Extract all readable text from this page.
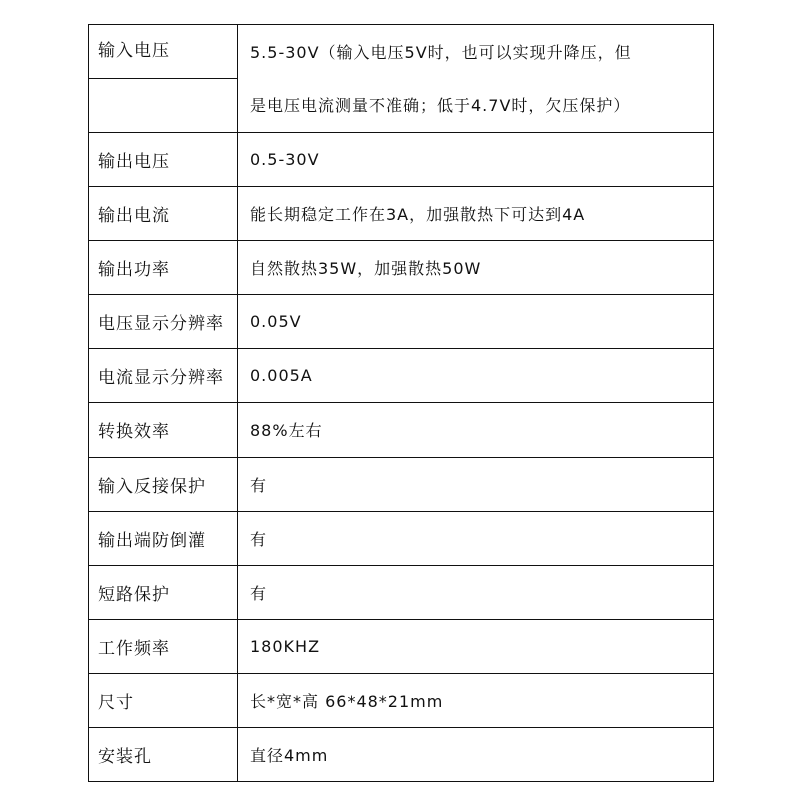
输入电压	5.5-30V（输入电压5V时，也可以实现升降压，但
是电压电流测量不准确；低于4.7V时，欠压保护）

输出电压	0.5-30V
输出电流	能长期稳定工作在3A，加强散热下可达到4A
输出功率	自然散热35W，加强散热50W
电压显示分辨率	0.05V
电流显示分辨率	0.005A
转换效率	88%左右
输入反接保护	有
输出端防倒灌	有
短路保护	有
工作频率	180KHZ
尺寸	长*宽*高 66*48*21mm
安装孔	直径4mm
